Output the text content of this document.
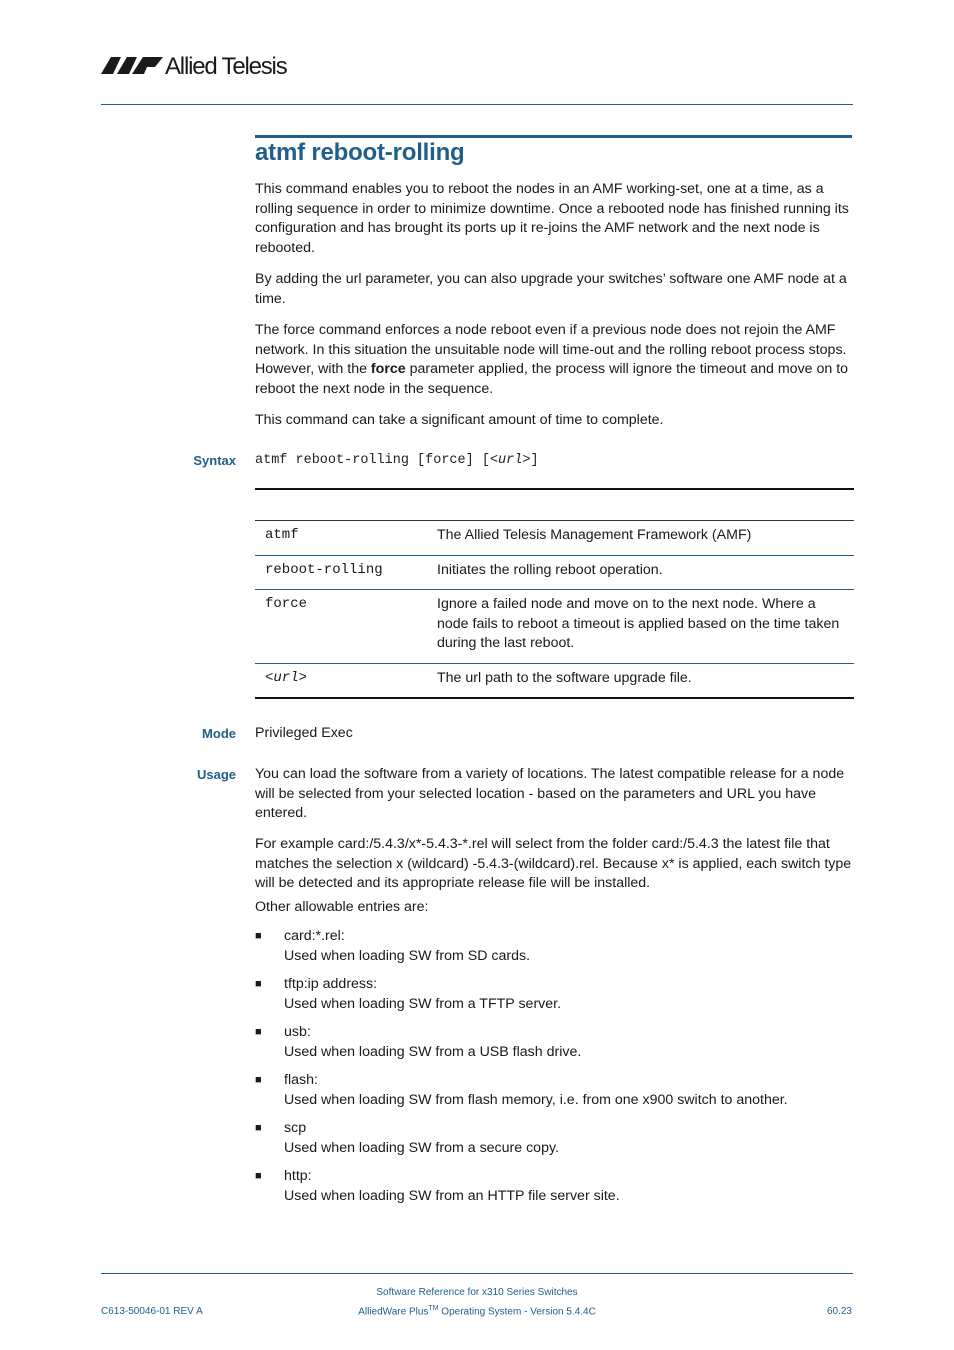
Allied Telesis
atmf reboot-rolling

This command enables you to reboot the nodes in an AMF working-set, one at a time, as a rolling sequence in order to minimize downtime. Once a rebooted node has finished running its configuration and has brought its ports up it re-joins the AMF network and the next node is rebooted.

By adding the url parameter, you can also upgrade your switches’ software one AMF node at a time.

The force command enforces a node reboot even if a previous node does not rejoin the AMF network. In this situation the unsuitable node will time-out and the rolling reboot process stops. However, with the force parameter applied, the process will ignore the timeout and move on to reboot the next node in the sequence.

This command can take a significant amount of time to complete.

Syntax atmf reboot-rolling [force] [<url>]
atmf	The Allied Telesis Management Framework (AMF)
reboot-rolling	Initiates the rolling reboot operation.
force	Ignore a failed node and move on to the next node. Where a node fails to reboot a timeout is applied based on the time taken during the last reboot.
<url>	The url path to the software upgrade file.
Mode Privileged Exec

Usage You can load the software from a variety of locations. The latest compatible release for a node will be selected from your selected location - based on the parameters and URL you have entered.

For example card:/5.4.3/x*-5.4.3-*.rel will select from the folder card:/5.4.3 the latest file that matches the selection x (wildcard) -5.4.3-(wildcard).rel. Because x* is applied, each switch type will be detected and its appropriate release file will be installed.

Other allowable entries are:

■ card:*.rel:
Used when loading SW from SD cards.
■ tftp:ip address:
Used when loading SW from a TFTP server.
■ usb:
Used when loading SW from a USB flash drive.
■ flash:
Used when loading SW from flash memory, i.e. from one x900 switch to another.
■ scp
Used when loading SW from a secure copy.
■ http:
Used when loading SW from an HTTP file server site.
Software Reference for x310 Series Switches
AlliedWare Plus™ Operating System - Version 5.4.4C
C613-50046-01 REV A	60.23
